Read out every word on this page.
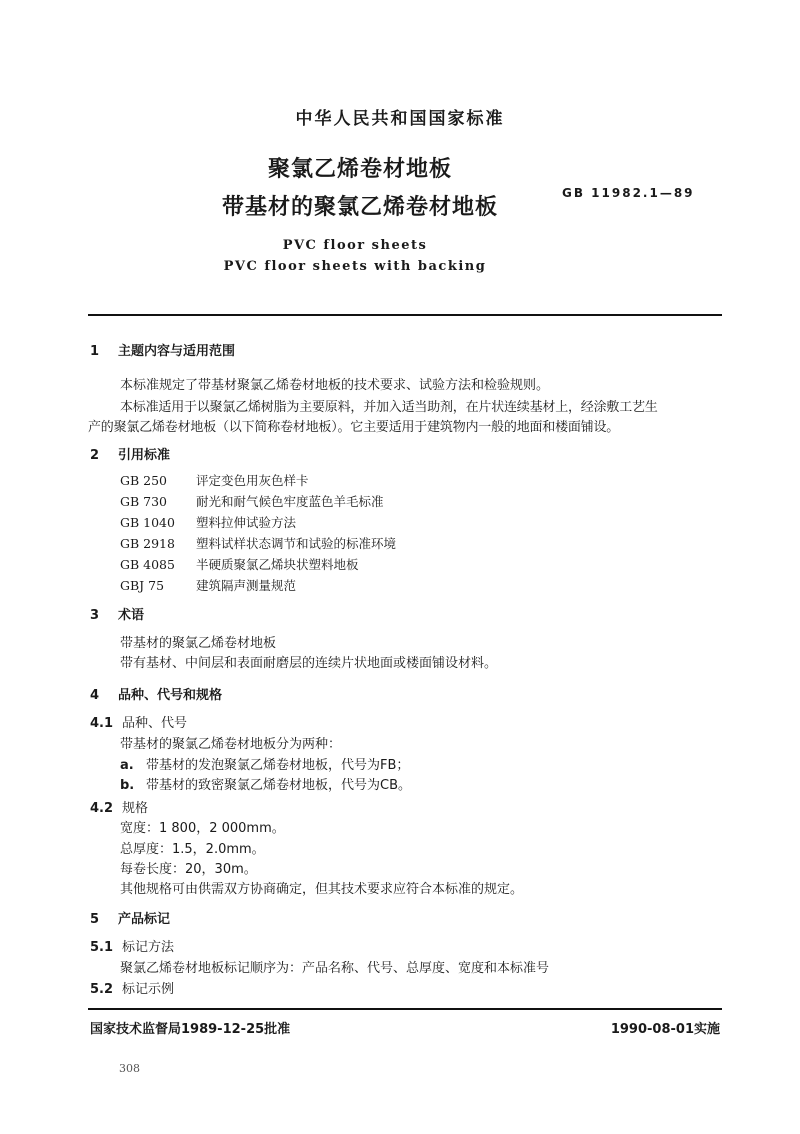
中华人民共和国国家标准
聚氯乙烯卷材地板
带基材的聚氯乙烯卷材地板
GB 11982.1—89
PVC floor sheets
PVC floor sheets with backing
1 主题内容与适用范围
本标准规定了带基材聚氯乙烯卷材地板的技术要求、试验方法和检验规则。
本标准适用于以聚氯乙烯树脂为主要原料，并加入适当助剂，在片状连续基材上，经涂敷工艺生
产的聚氯乙烯卷材地板（以下简称卷材地板）。它主要适用于建筑物内一般的地面和楼面铺设。
2 引用标准
GB 250 评定变色用灰色样卡
GB 730 耐光和耐气候色牢度蓝色羊毛标准
GB 1040 塑料拉伸试验方法
GB 2918 塑料试样状态调节和试验的标准环境
GB 4085 半硬质聚氯乙烯块状塑料地板
GBJ 75	建筑隔声测量规范
3 术语
带基材的聚氯乙烯卷材地板
带有基材、中间层和表面耐磨层的连续片状地面或楼面铺设材料。
4 品种、代号和规格
4.1 品种、代号
带基材的聚氯乙烯卷材地板分为两种：
a. 带基材的发泡聚氯乙烯卷材地板，代号为FB；
b. 带基材的致密聚氯乙烯卷材地板，代号为CB。
4.2 规格
宽度：1 800，2 000mm。
总厚度：1.5，2.0mm。
每卷长度：20，30m。
其他规格可由供需双方协商确定，但其技术要求应符合本标准的规定。
5 产品标记
5.1 标记方法
聚氯乙烯卷材地板标记顺序为：产品名称、代号、总厚度、宽度和本标准号
5.2 标记示例
国家技术监督局1989-12-25批准	1990-08-01实施
308
